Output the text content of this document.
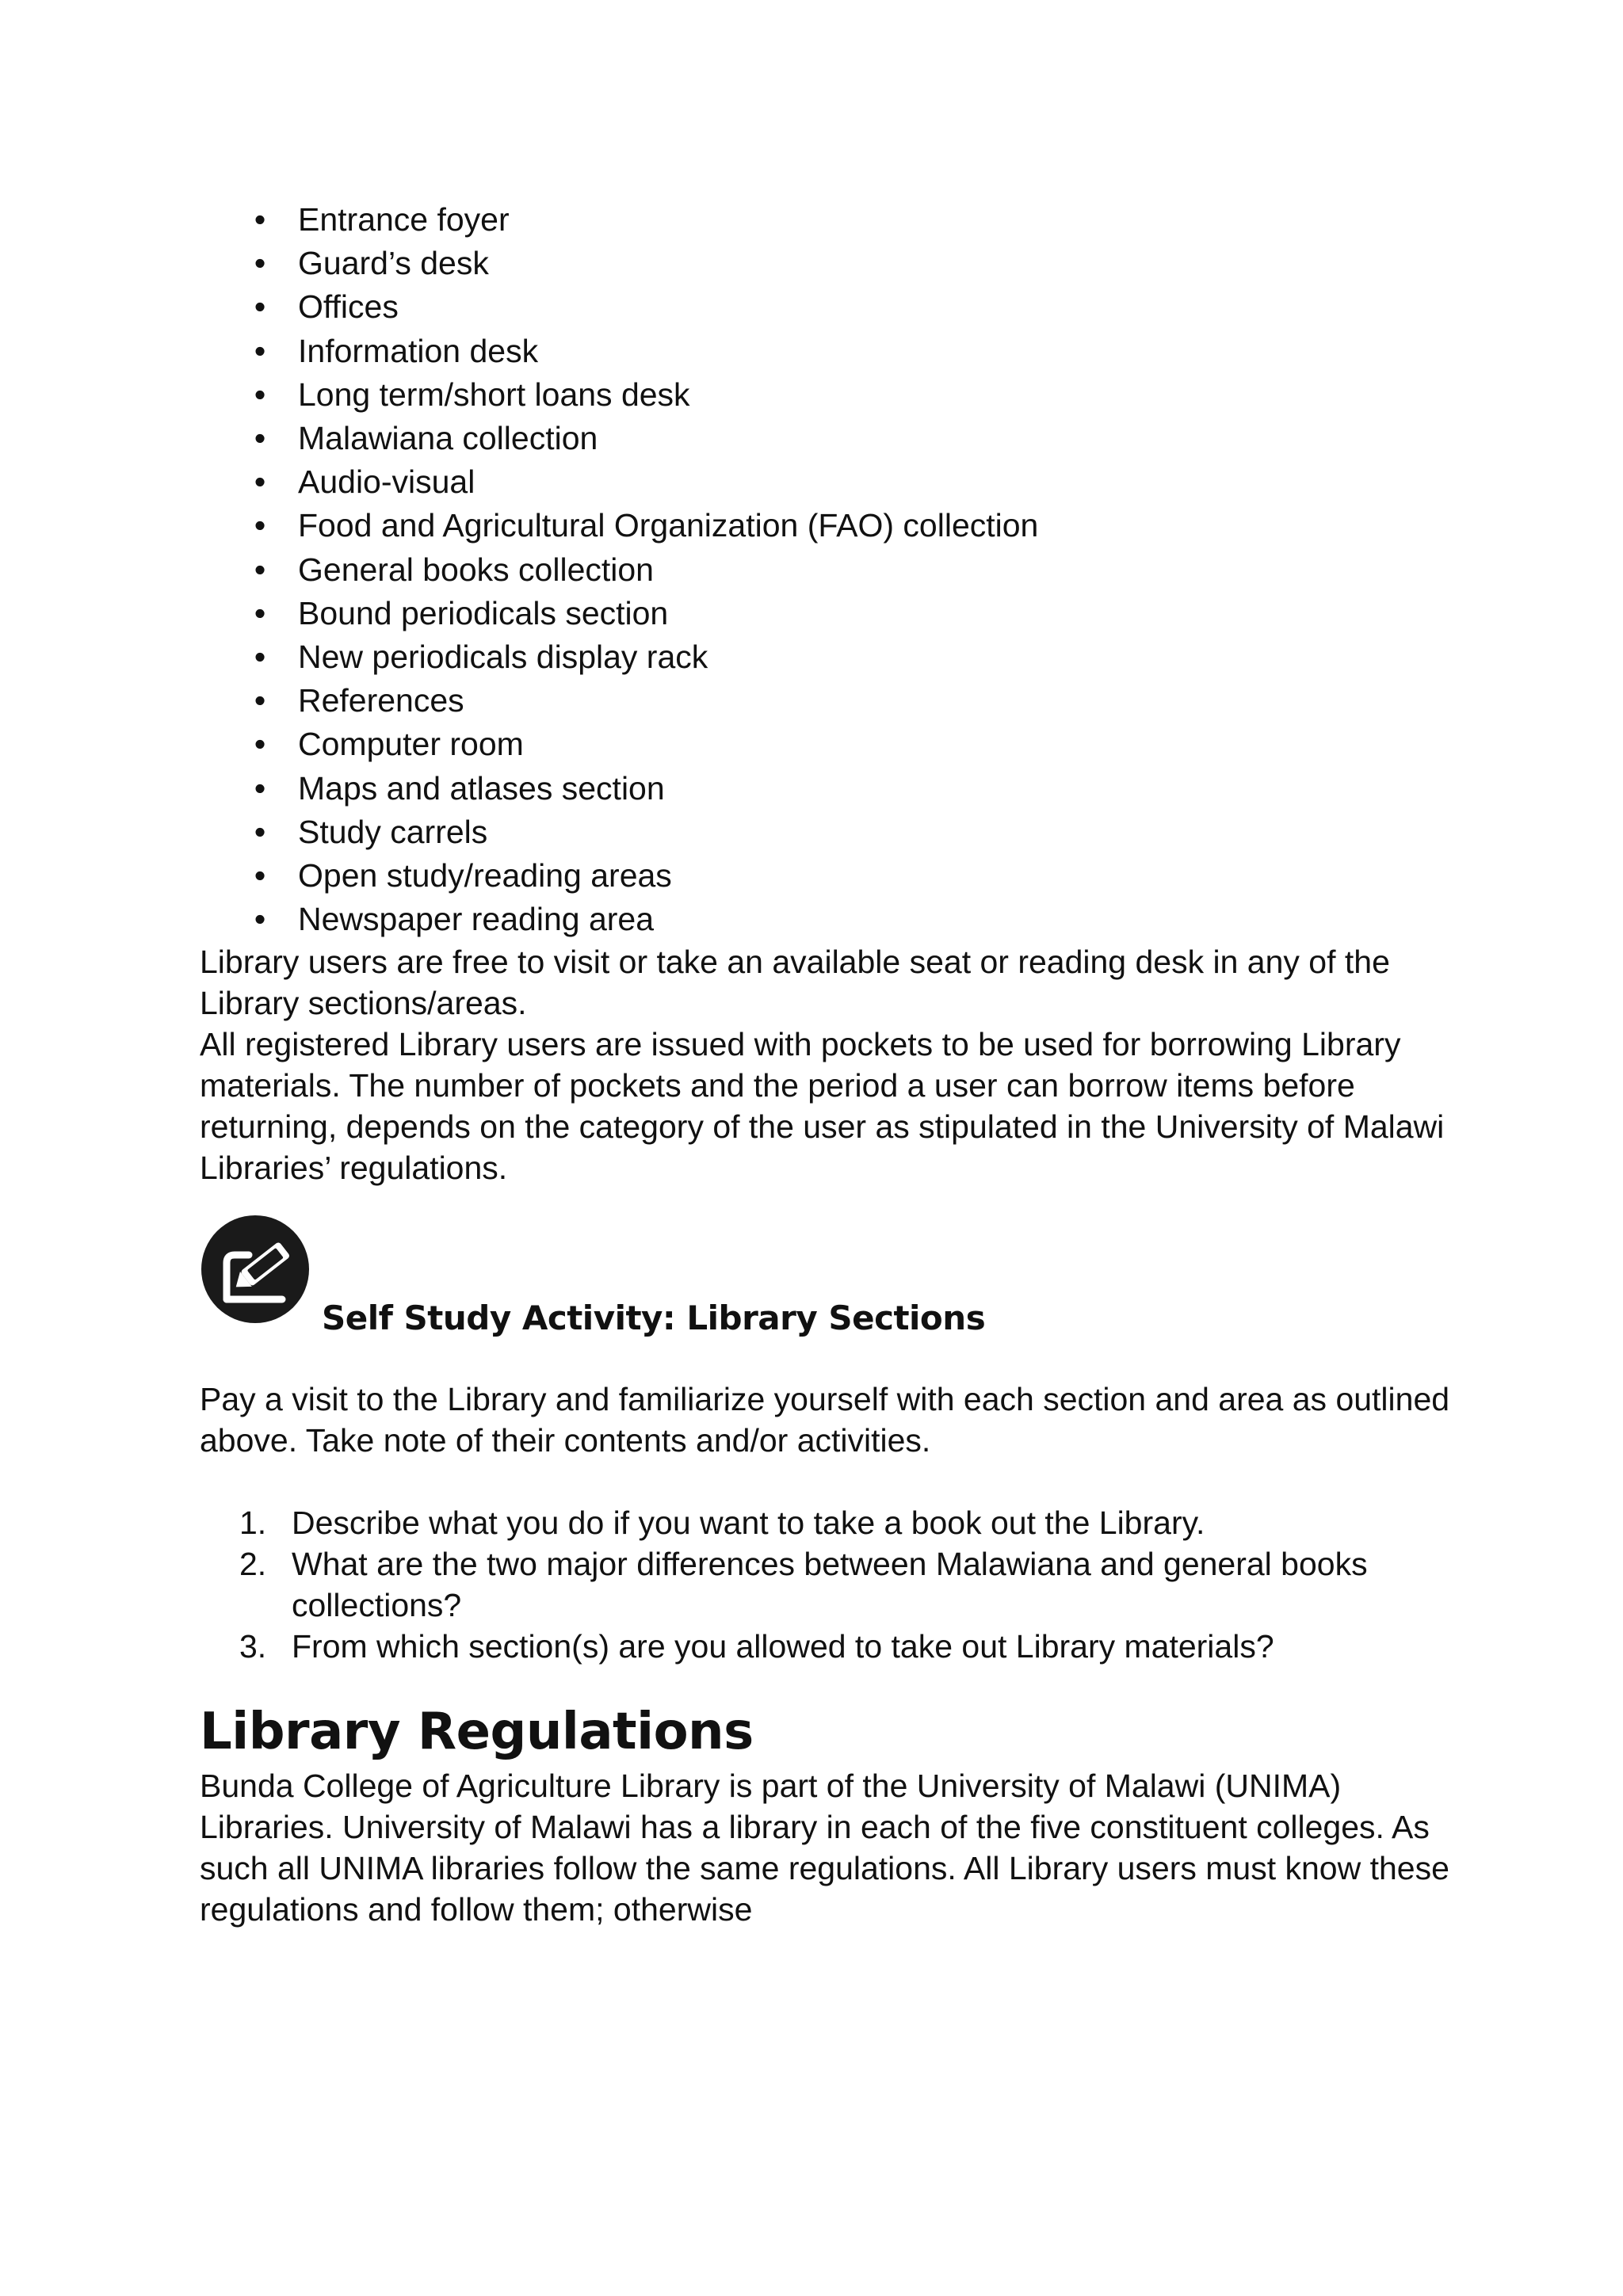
• Entrance foyer
• Guard’s desk
• Offices
• Information desk
• Long term/short loans desk
• Malawiana collection
• Audio-visual
• Food and Agricultural Organization (FAO) collection
• General books collection
• Bound periodicals section
• New periodicals display rack
• References
• Computer room
• Maps and atlases section
• Study carrels
• Open study/reading areas
• Newspaper reading area

Library users are free to visit or take an available seat or reading desk in any of the Library sections/areas.

All registered Library users are issued with pockets to be used for borrowing Library materials. The number of pockets and the period a user can borrow items before returning, depends on the category of the user as stipulated in the University of Malawi Libraries’ regulations.

Self Study Activity: Library Sections

Pay a visit to the Library and familiarize yourself with each section and area as outlined above. Take note of their contents and/or activities.

1. Describe what you do if you want to take a book out the Library.
2. What are the two major differences between Malawiana and general books collections?
3. From which section(s) are you allowed to take out Library materials?
Library Regulations

Bunda College of Agriculture Library is part of the University of Malawi (UNIMA) Libraries. University of Malawi has a library in each of the five constituent colleges. As such all UNIMA libraries follow the same regulations. All Library users must know these regulations and follow them; otherwise
